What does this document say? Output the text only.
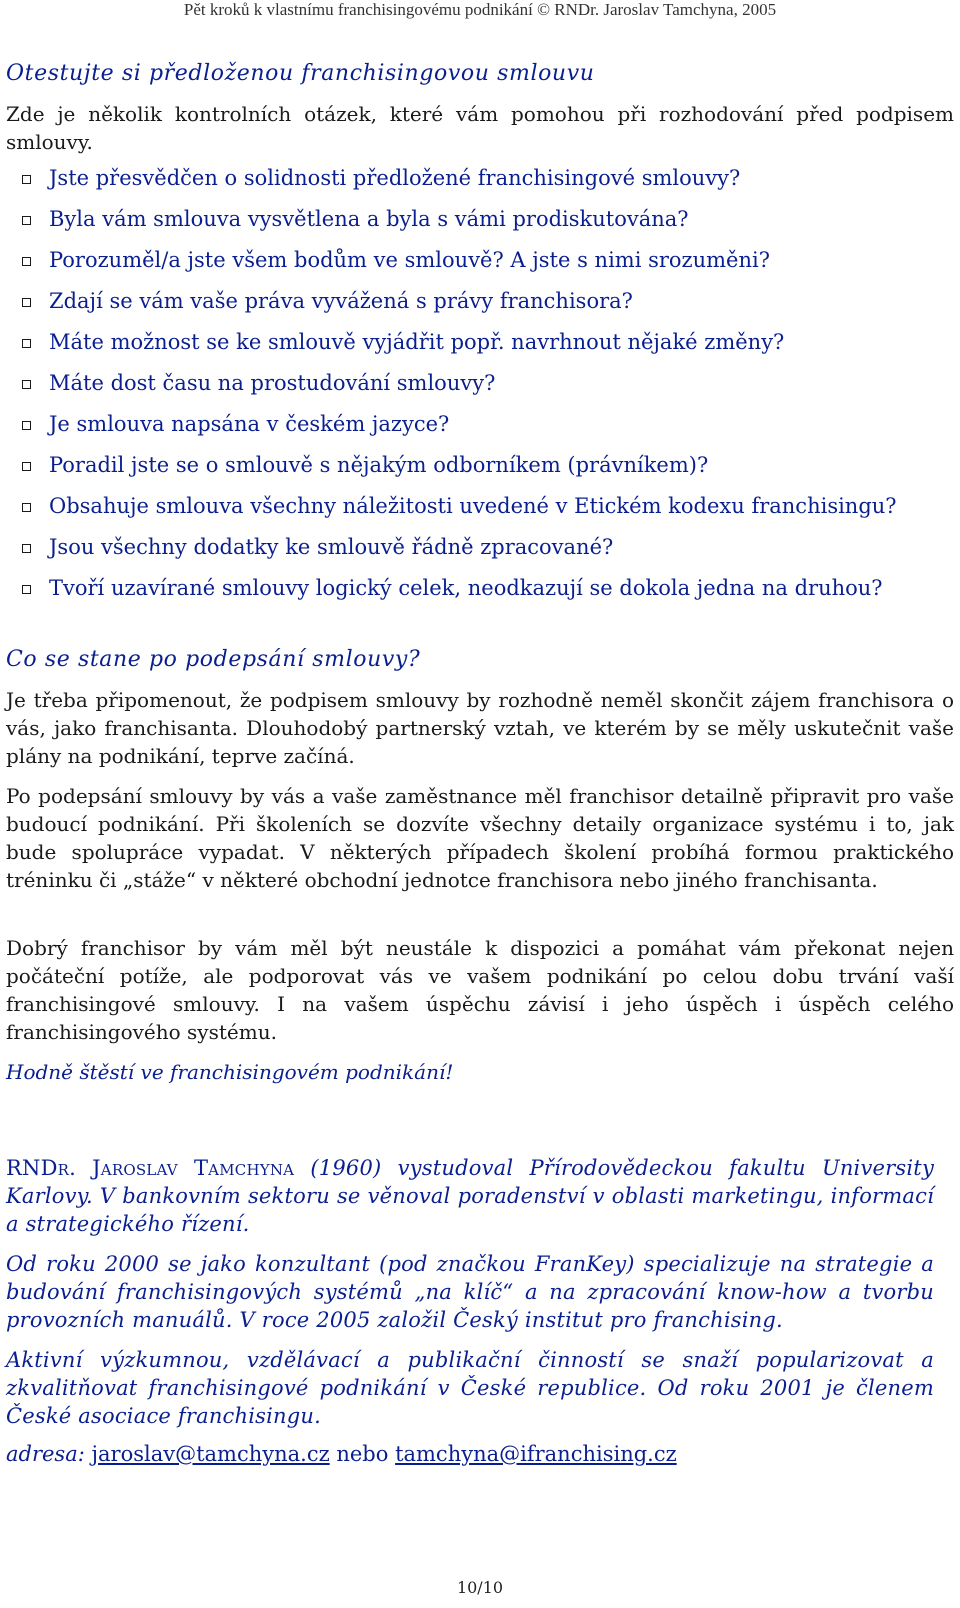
Pět kroků k vlastnímu franchisingovému podnikání © RNDr. Jaroslav Tamchyna, 2005
Otestujte si předloženou franchisingovou smlouvu

Zde je několik kontrolních otázek, které vám pomohou při rozhodování před podpisem smlouvy.

Jste přesvědčen o solidnosti předložené franchisingové smlouvy?
Byla vám smlouva vysvětlena a byla s vámi prodiskutována?
Porozuměl/a jste všem bodům ve smlouvě? A jste s nimi srozuměni?
Zdají se vám vaše práva vyvážená s právy franchisora?
Máte možnost se ke smlouvě vyjádřit popř. navrhnout nějaké změny?
Máte dost času na prostudování smlouvy?
Je smlouva napsána v českém jazyce?
Poradil jste se o smlouvě s nějakým odborníkem (právníkem)?
Obsahuje smlouva všechny náležitosti uvedené v Etickém kodexu franchisingu?
Jsou všechny dodatky ke smlouvě řádně zpracované?
Tvoří uzavírané smlouvy logický celek, neodkazují se dokola jedna na druhou?
Co se stane po podepsání smlouvy?

Je třeba připomenout, že podpisem smlouvy by rozhodně neměl skončit zájem franchisora o vás, jako franchisanta. Dlouhodobý partnerský vztah, ve kterém by se měly uskutečnit vaše plány na podnikání, teprve začíná.

Po podepsání smlouvy by vás a vaše zaměstnance měl franchisor detailně připravit pro vaše budoucí podnikání. Při školeních se dozvíte všechny detaily organizace systému i to, jak bude spolupráce vypadat. V některých případech školení probíhá formou praktického tréninku či „stáže“ v některé obchodní jednotce franchisora nebo jiného franchisanta.

Dobrý franchisor by vám měl být neustále k dispozici a pomáhat vám překonat nejen počáteční potíže, ale podporovat vás ve vašem podnikání po celou dobu trvání vaší franchisingové smlouvy. I na vašem úspěchu závisí i jeho úspěch i úspěch celého franchisingového systému.

Hodně štěstí ve franchisingovém podnikání!

RNDr. Jaroslav Tamchyna (1960) vystudoval Přírodovědeckou fakultu University Karlovy. V bankovním sektoru se věnoval poradenství v oblasti marketingu, informací a strategického řízení.

Od roku 2000 se jako konzultant (pod značkou FranKey) specializuje na strategie a budování franchisingových systémů „na klíč“ a na zpracování know-how a tvorbu provozních manuálů. V roce 2005 založil Český institut pro franchising.

Aktivní výzkumnou, vzdělávací a publikační činností se snaží popularizovat a zkvalitňovat franchisingové podnikání v České republice. Od roku 2001 je členem České asociace franchisingu.

adresa: jaroslav@tamchyna.cz nebo tamchyna@ifranchising.cz
10/10
